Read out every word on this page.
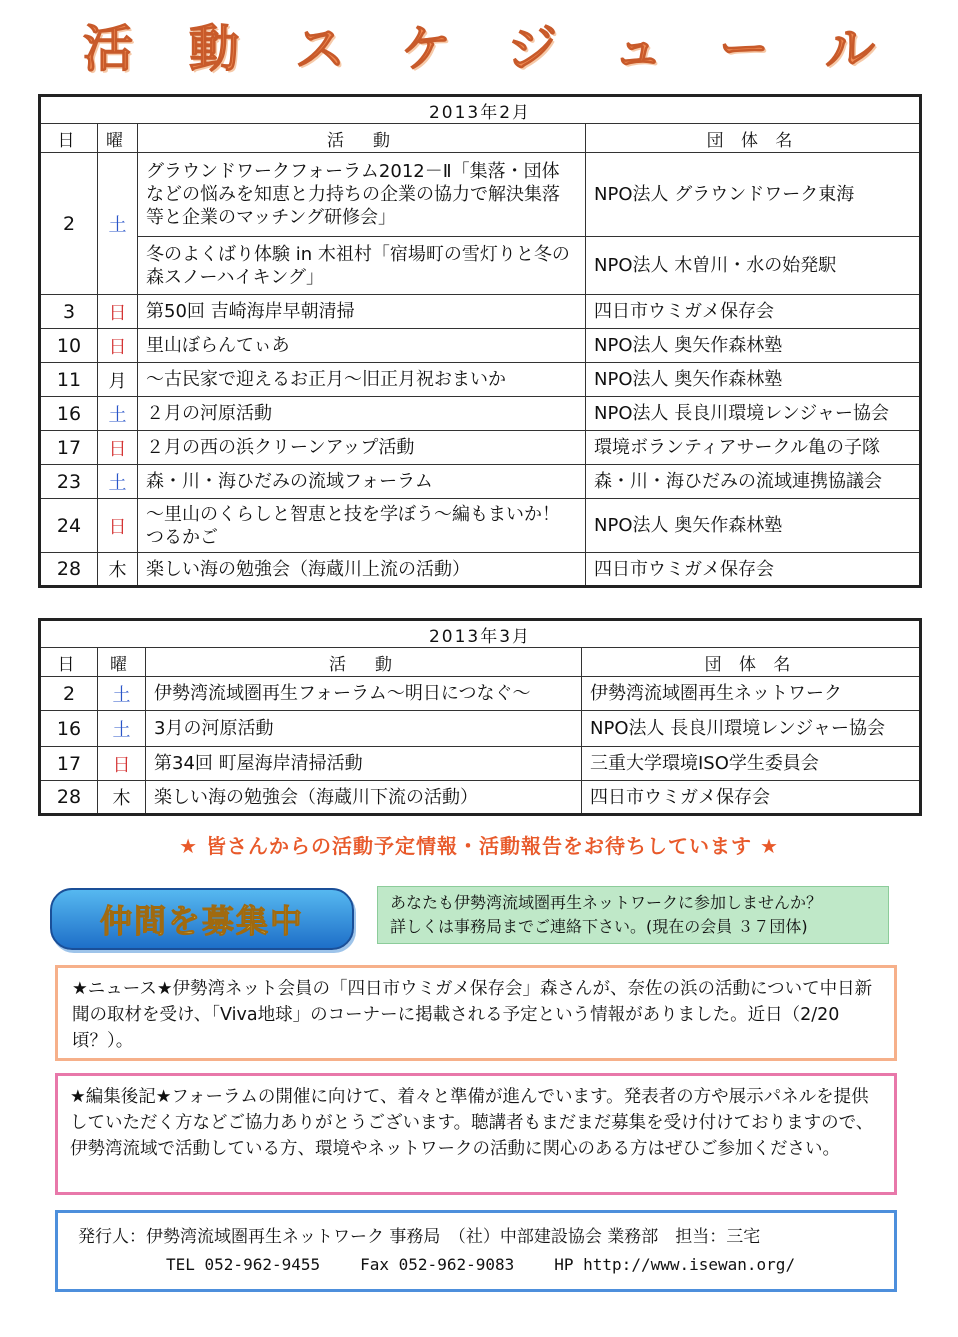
活 動 ス ケ ジ ュ ー ル
2013年2月			
日	曜	活　動	団 体 名
2	土	グラウンドワークフォーラム2012－Ⅱ「集落・団体などの悩みを知恵と力持ちの企業の協力で解決集落等と企業のマッチング研修会」	NPO法人 グラウンドワーク東海
		冬のよくばり体験 in 木祖村「宿場町の雪灯りと冬の森スノーハイキング」	NPO法人 木曽川・水の始発駅
3	日	第50回 吉崎海岸早朝清掃	四日市ウミガメ保存会
10	日	里山ぼらんてぃあ	NPO法人 奥矢作森林塾
11	月	～古民家で迎えるお正月～旧正月祝おまいか	NPO法人 奥矢作森林塾
16	土	２月の河原活動	NPO法人 長良川環境レンジャー協会
17	日	２月の西の浜クリーンアップ活動	環境ボランティアサークル亀の子隊
23	土	森・川・海ひだみの流域フォーラム	森・川・海ひだみの流域連携協議会
24	日	～里山のくらしと智恵と技を学ぼう～編もまいか！つるかご	NPO法人 奥矢作森林塾
28	木	楽しい海の勉強会（海蔵川上流の活動）	四日市ウミガメ保存会
2013年3月			
日	曜	活　動	団 体 名
2	土	伊勢湾流域圏再生フォーラム～明日につなぐ～	伊勢湾流域圏再生ネットワーク
16	土	3月の河原活動	NPO法人 長良川環境レンジャー協会
17	日	第34回 町屋海岸清掃活動	三重大学環境ISO学生委員会
28	木	楽しい海の勉強会（海蔵川下流の活動）	四日市ウミガメ保存会
★ 皆さんからの活動予定情報・活動報告をお待ちしています ★
仲間を募集中	あなたも伊勢湾流域圏再生ネットワークに参加しませんか？
詳しくは事務局までご連絡下さい。(現在の会員 ３７団体)
★ニュース★伊勢湾ネット会員の「四日市ウミガメ保存会」森さんが、奈佐の浜の活動について中日新聞の取材を受け、「Viva地球」のコーナーに掲載される予定という情報がありました。近日（2/20頃？）。
★編集後記★フォーラムの開催に向けて、着々と準備が進んでいます。発表者の方や展示パネルを提供していただく方などご協力ありがとうございます。聴講者もまだまだ募集を受け付けておりますので、伊勢湾流域で活動している方、環境やネットワークの活動に関心のある方はぜひご参加ください。
発行人：伊勢湾流域圏再生ネットワーク 事務局　（社）中部建設協会 業務部　担当：三宅
TEL 052-962-9455	Fax 052-962-9083	HP http://www.isewan.org/
